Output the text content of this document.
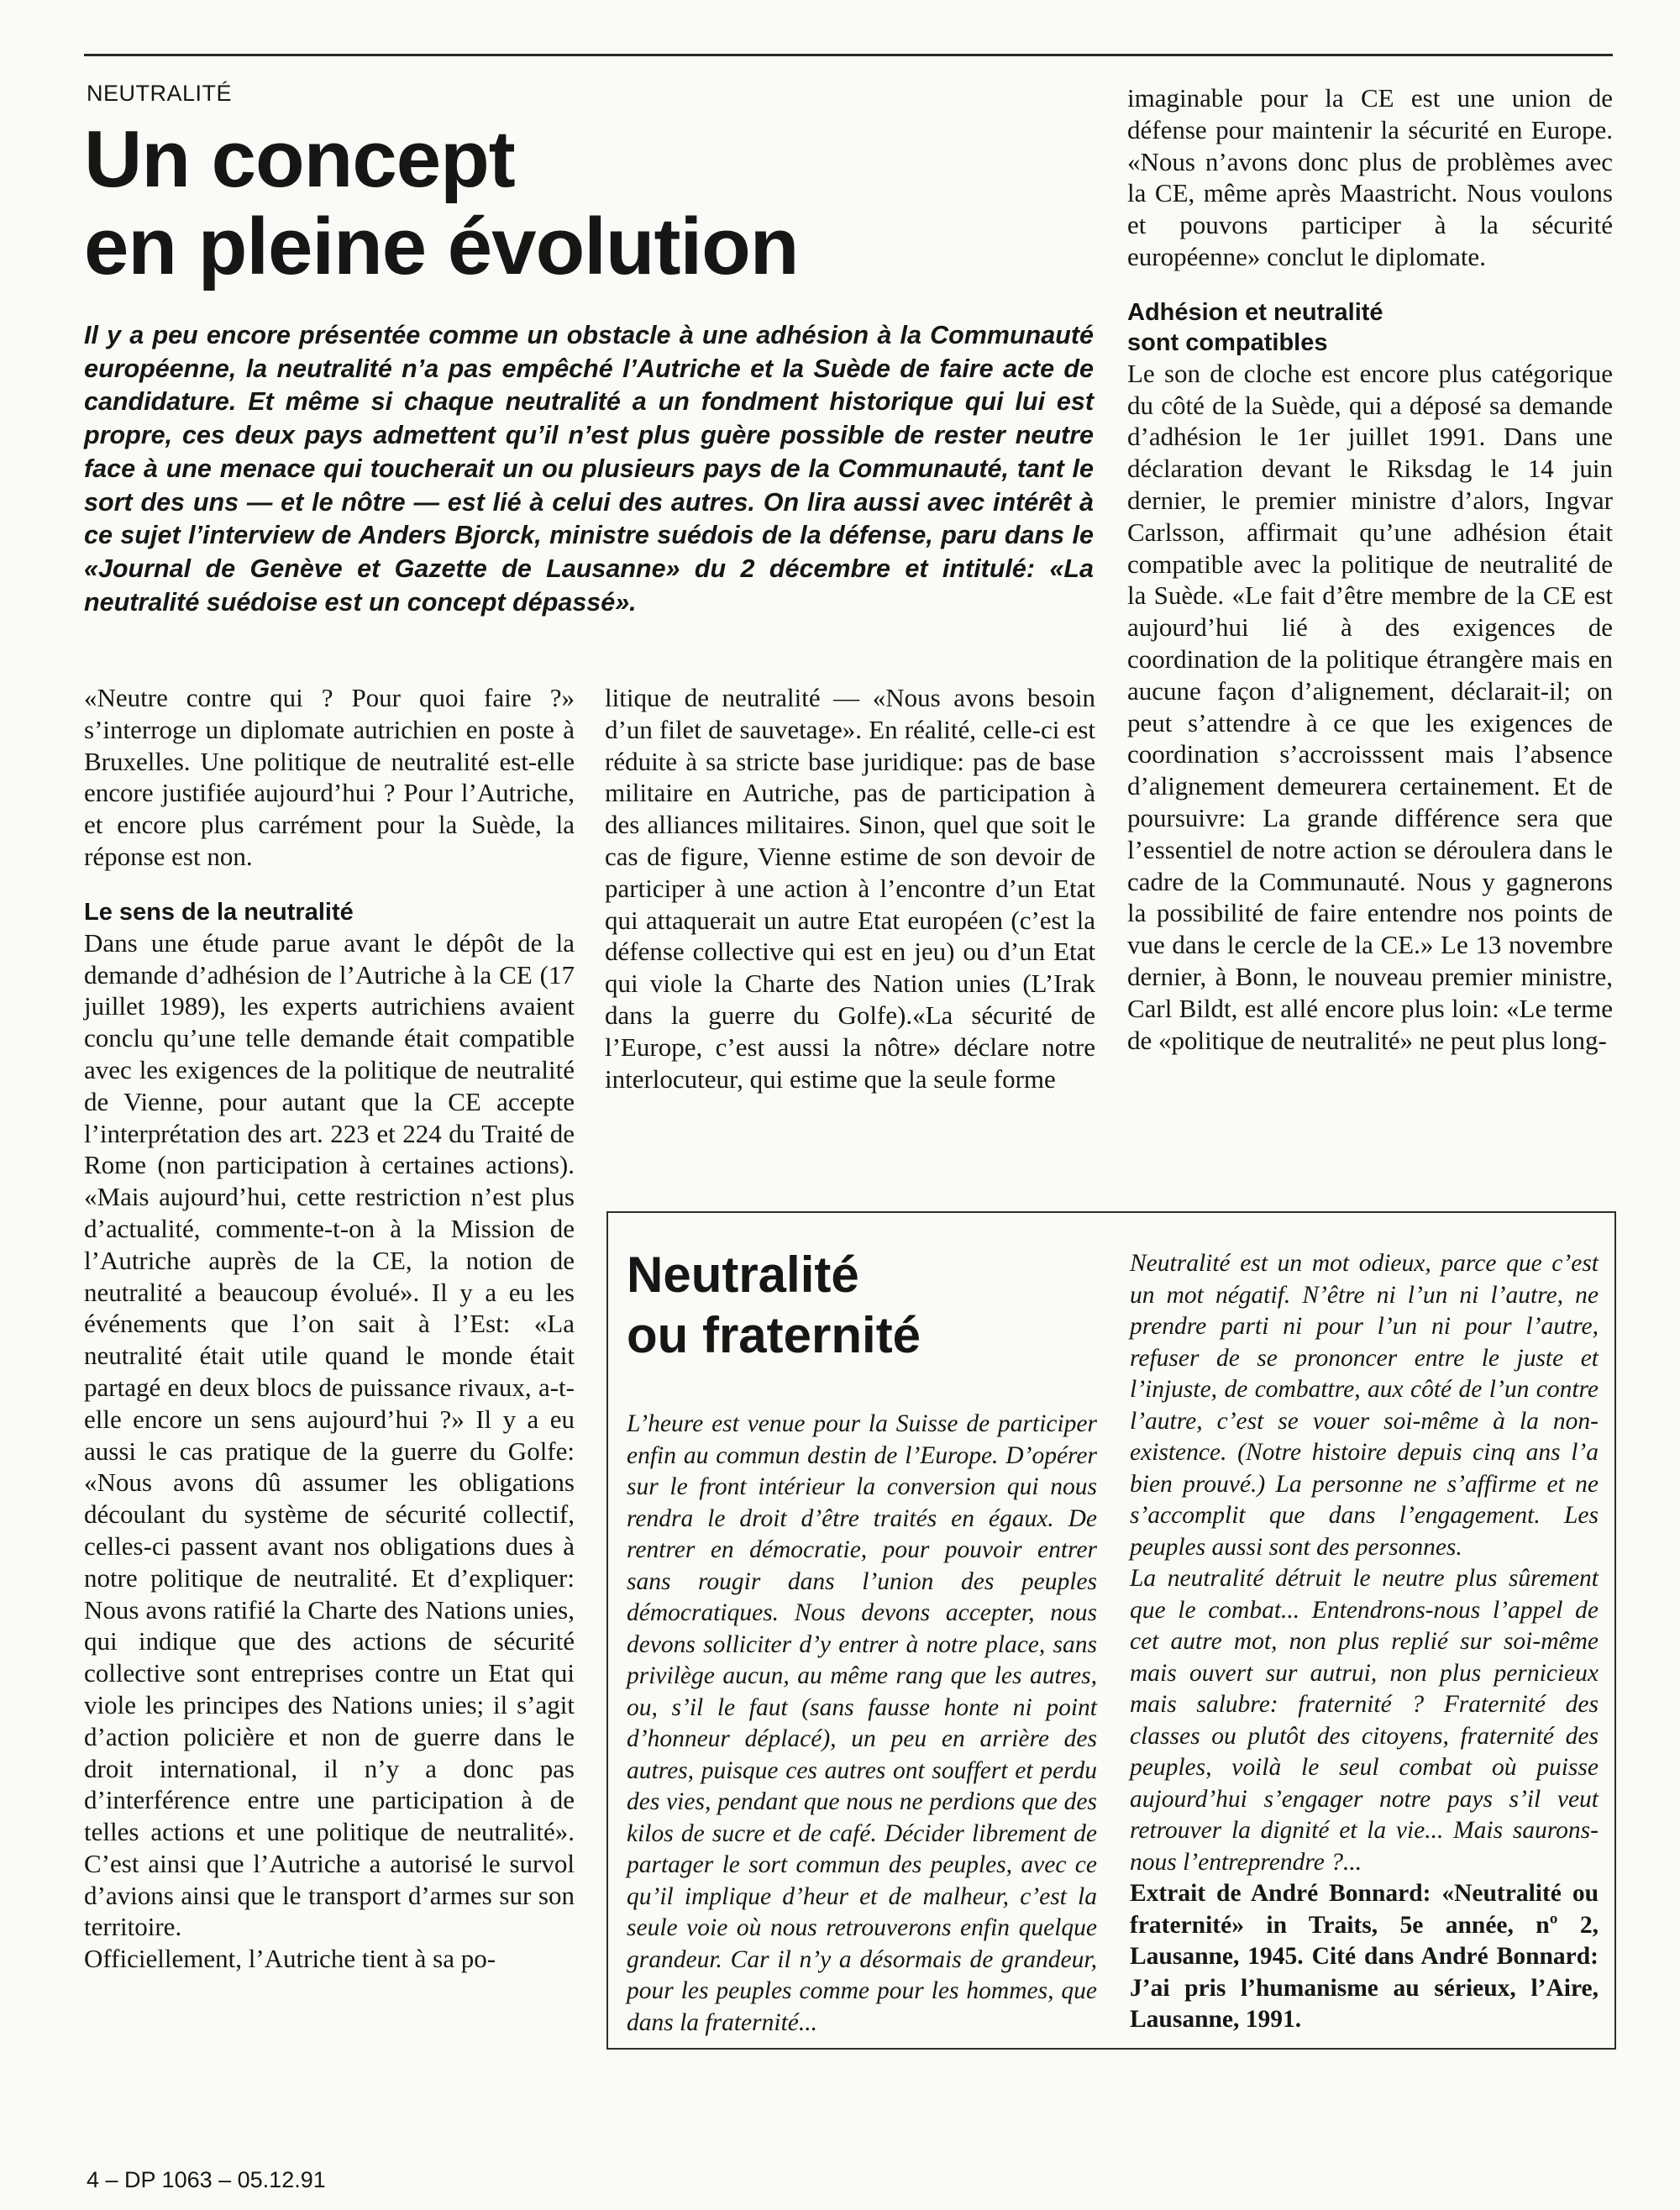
NEUTRALITÉ
Un concept
en pleine évolution

Il y a peu encore présentée comme un obstacle à une adhésion à la Communauté européenne, la neutralité n’a pas empêché l’Autriche et la Suède de faire acte de candidature. Et même si chaque neutralité a un fondment historique qui lui est propre, ces deux pays admettent qu’il n’est plus guère possible de rester neutre face à une menace qui toucherait un ou plusieurs pays de la Communauté, tant le sort des uns — et le nôtre — est lié à celui des autres. On lira aussi avec intérêt à ce sujet l’interview de Anders Bjorck, ministre suédois de la défense, paru dans le «Journal de Genève et Gazette de Lausanne» du 2 décembre et intitulé: «La neutralité suédoise est un concept dépassé».

«Neutre contre qui ? Pour quoi faire ?» s’interroge un diplomate autrichien en poste à Bruxelles. Une politique de neutralité est-elle encore justifiée aujourd’hui ? Pour l’Autriche, et encore plus carrément pour la Suède, la réponse est non.

Le sens de la neutralité

Dans une étude parue avant le dépôt de la demande d’adhésion de l’Autriche à la CE (17 juillet 1989), les experts autrichiens avaient conclu qu’une telle demande était compatible avec les exigences de la politique de neutralité de Vienne, pour autant que la CE accepte l’interprétation des art. 223 et 224 du Traité de Rome (non participation à certaines actions). «Mais aujourd’hui, cette restriction n’est plus d’actualité, commente-t-on à la Mission de l’Autriche auprès de la CE, la notion de neutralité a beaucoup évolué». Il y a eu les événements que l’on sait à l’Est: «La neutralité était utile quand le monde était partagé en deux blocs de puissance rivaux, a-t-elle encore un sens aujourd’hui ?» Il y a eu aussi le cas pratique de la guerre du Golfe: «Nous avons dû assumer les obligations découlant du système de sécurité collectif, celles-ci passent avant nos obligations dues à notre politique de neutralité. Et d’expliquer: Nous avons ratifié la Charte des Nations unies, qui indique que des actions de sécurité collective sont entreprises contre un Etat qui viole les principes des Nations unies; il s’agit d’action policière et non de guerre dans le droit international, il n’y a donc pas d’interférence entre une participation à de telles actions et une politique de neutralité». C’est ainsi que l’Autriche a autorisé le survol d’avions ainsi que le transport d’armes sur son territoire.

Officiellement, l’Autriche tient à sa po-

litique de neutralité — «Nous avons besoin d’un filet de sauvetage». En réalité, celle-ci est réduite à sa stricte base juridique: pas de base militaire en Autriche, pas de participation à des alliances militaires. Sinon, quel que soit le cas de figure, Vienne estime de son devoir de participer à une action à l’encontre d’un Etat qui attaquerait un autre Etat européen (c’est la défense collective qui est en jeu) ou d’un Etat qui viole la Charte des Nation unies (L’Irak dans la guerre du Golfe).«La sécurité de l’Europe, c’est aussi la nôtre» déclare notre interlocuteur, qui estime que la seule forme

imaginable pour la CE est une union de défense pour maintenir la sécurité en Europe. «Nous n’avons donc plus de problèmes avec la CE, même après Maastricht. Nous voulons et pouvons participer à la sécurité européenne» conclut le diplomate.

Adhésion et neutralité
sont compatibles

Le son de cloche est encore plus catégorique du côté de la Suède, qui a déposé sa demande d’adhésion le 1er juillet 1991. Dans une déclaration devant le Riksdag le 14 juin dernier, le premier ministre d’alors, Ingvar Carlsson, affirmait qu’une adhésion était compatible avec la politique de neutralité de la Suède. «Le fait d’être membre de la CE est aujourd’hui lié à des exigences de coordination de la politique étrangère mais en aucune façon d’alignement, déclarait-il; on peut s’attendre à ce que les exigences de coordination s’accroisssent mais l’absence d’alignement demeurera certainement. Et de poursuivre: La grande différence sera que l’essentiel de notre action se déroulera dans le cadre de la Communauté. Nous y gagnerons la possibilité de faire entendre nos points de vue dans le cercle de la CE.» Le 13 novembre dernier, à Bonn, le nouveau premier ministre, Carl Bildt, est allé encore plus loin: «Le terme de «politique de neutralité» ne peut plus long-

Neutralité
ou fraternité

L’heure est venue pour la Suisse de participer enfin au commun destin de l’Europe. D’opérer sur le front intérieur la conversion qui nous rendra le droit d’être traités en égaux. De rentrer en démocratie, pour pouvoir entrer sans rougir dans l’union des peuples démocratiques. Nous devons accepter, nous devons solliciter d’y entrer à notre place, sans privilège aucun, au même rang que les autres, ou, s’il le faut (sans fausse honte ni point d’honneur déplacé), un peu en arrière des autres, puisque ces autres ont souffert et perdu des vies, pendant que nous ne perdions que des kilos de sucre et de café. Décider librement de partager le sort commun des peuples, avec ce qu’il implique d’heur et de malheur, c’est la seule voie où nous retrouverons enfin quelque grandeur. Car il n’y a désormais de grandeur, pour les peuples comme pour les hommes, que dans la fraternité...

Neutralité est un mot odieux, parce que c’est un mot négatif. N’être ni l’un ni l’autre, ne prendre parti ni pour l’un ni pour l’autre, refuser de se prononcer entre le juste et l’injuste, de combattre, aux côté de l’un contre l’autre, c’est se vouer soi-même à la non-existence. (Notre histoire depuis cinq ans l’a bien prouvé.) La personne ne s’affirme et ne s’accomplit que dans l’engagement. Les peuples aussi sont des personnes.

La neutralité détruit le neutre plus sûrement que le combat... Entendrons-nous l’appel de cet autre mot, non plus replié sur soi-même mais ouvert sur autrui, non plus pernicieux mais salubre: fraternité ? Fraternité des classes ou plutôt des citoyens, fraternité des peuples, voilà le seul combat où puisse aujourd’hui s’engager notre pays s’il veut retrouver la dignité et la vie... Mais saurons-nous l’entreprendre ?...

Extrait de André Bonnard: «Neutralité ou fraternité» in Traits, 5e année, nº 2, Lausanne, 1945. Cité dans André Bonnard: J’ai pris l’humanisme au sérieux, l’Aire, Lausanne, 1991.

4 – DP 1063 – 05.12.91
